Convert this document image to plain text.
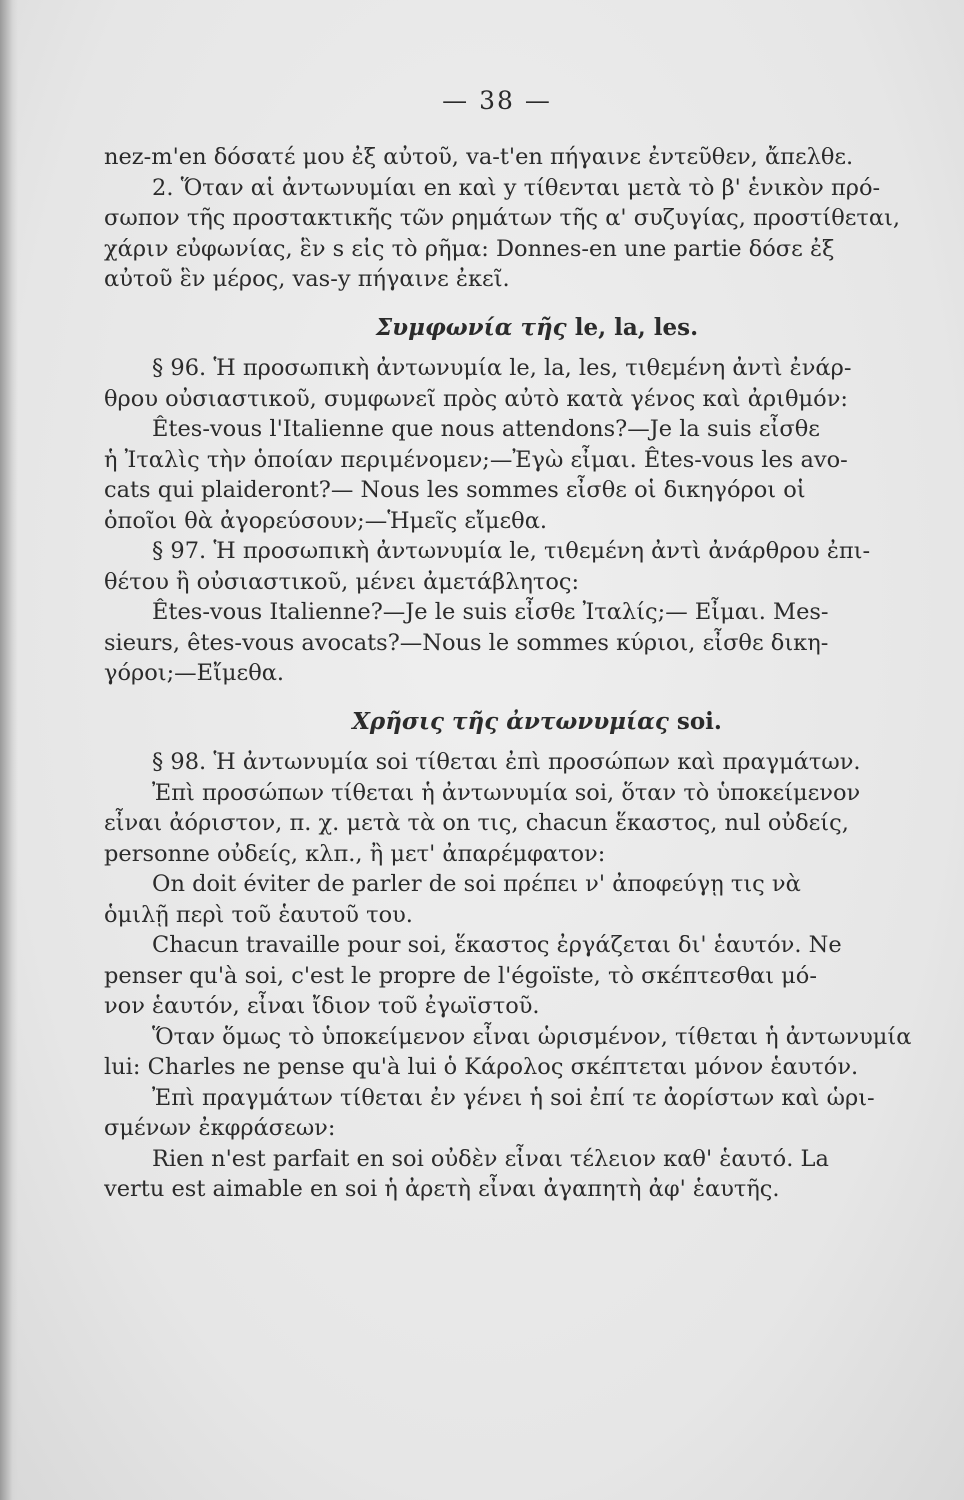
— 38 —
nez-m'en δόσατέ μου ἐξ αὐτοῦ, va-t'en πήγαινε ἐντεῦθεν, ἄπελθε.
2. Ὅταν αἱ ἀντωνυμίαι en καὶ y τίθενται μετὰ τὸ β' ἑνικὸν πρό-
σωπον τῆς προστακτικῆς τῶν ρημάτων τῆς α' συζυγίας, προστίθεται,
χάριν εὐφωνίας, ἓν s εἰς τὸ ρῆμα: Donnes-en une partie δόσε ἐξ
αὐτοῦ ἓν μέρος, vas-y πήγαινε ἐκεῖ.
Συμφωνία τῆς le, la, les.
§ 96. Ἡ προσωπικὴ ἀντωνυμία le, la, les, τιθεμένη ἀντὶ ἐνάρ-
θρου οὐσιαστικοῦ, συμφωνεῖ πρὸς αὐτὸ κατὰ γένος καὶ ἀριθμόν:
Êtes-vous l'Italienne que nous attendons?—Je la suis εἶσθε
ἡ Ἰταλὶς τὴν ὁποίαν περιμένομεν;—Ἐγὼ εἶμαι. Êtes-vous les avo-
cats qui plaideront?— Nous les sommes εἶσθε οἱ δικηγόροι οἱ
ὁποῖοι θὰ ἀγορεύσουν;—Ἡμεῖς εἴμεθα.
§ 97. Ἡ προσωπικὴ ἀντωνυμία le, τιθεμένη ἀντὶ ἀνάρθρου ἐπι-
θέτου ἢ οὐσιαστικοῦ, μένει ἀμετάβλητος:
Êtes-vous Italienne?—Je le suis εἶσθε Ἰταλίς;— Εἶμαι. Mes-
sieurs, êtes-vous avocats?—Nous le sommes κύριοι, εἶσθε δικη-
γόροι;—Εἴμεθα.
Χρῆσις τῆς ἀντωνυμίας soi.
§ 98. Ἡ ἀντωνυμία soi τίθεται ἐπὶ προσώπων καὶ πραγμάτων.
Ἐπὶ προσώπων τίθεται ἡ ἀντωνυμία soi, ὅταν τὸ ὑποκείμενον
εἶναι ἀόριστον, π. χ. μετὰ τὰ on τις, chacun ἕκαστος, nul οὐδείς,
personne οὐδείς, κλπ., ἢ μετ' ἀπαρέμφατον:
On doit éviter de parler de soi πρέπει ν' ἀποφεύγῃ τις νὰ
ὁμιλῇ περὶ τοῦ ἑαυτοῦ του.
Chacun travaille pour soi, ἕκαστος ἐργάζεται δι' ἑαυτόν. Ne
penser qu'à soi, c'est le propre de l'égoïste, τὸ σκέπτεσθαι μό-
νον ἑαυτόν, εἶναι ἴδιον τοῦ ἐγωϊστοῦ.
Ὅταν ὅμως τὸ ὑποκείμενον εἶναι ὡρισμένον, τίθεται ἡ ἀντωνυμία
lui: Charles ne pense qu'à lui ὁ Κάρολος σκέπτεται μόνον ἑαυτόν.
Ἐπὶ πραγμάτων τίθεται ἐν γένει ἡ soi ἐπί τε ἀορίστων καὶ ὡρι-
σμένων ἐκφράσεων:
Rien n'est parfait en soi οὐδὲν εἶναι τέλειον καθ' ἑαυτό. La
vertu est aimable en soi ἡ ἀρετὴ εἶναι ἀγαπητὴ ἀφ' ἑαυτῆς.
